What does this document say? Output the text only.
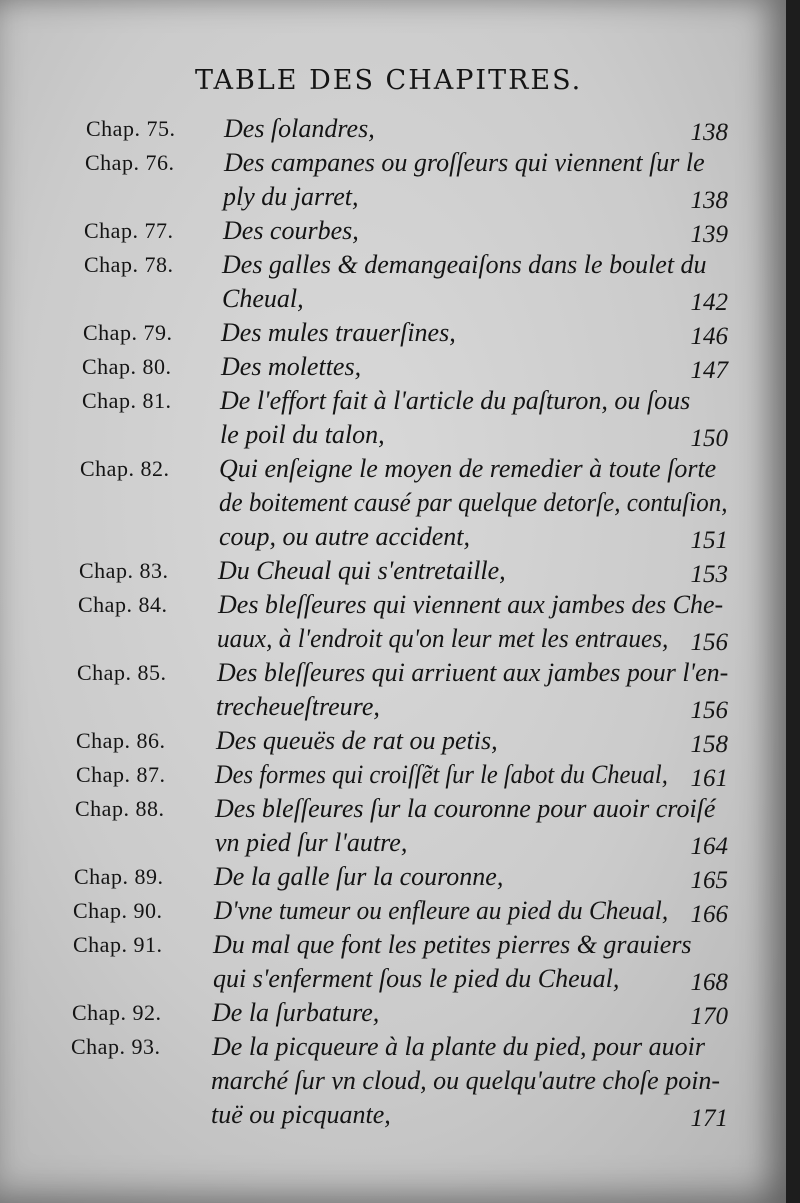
TABLE DES CHAPITRES.
Chap. 75. Des ſolandres,	138
Chap. 76. Des campanes ou groſſeurs qui viennent ſur le
ply du jarret,	138
Chap. 77. Des courbes,	139
Chap. 78. Des galles & demangeaiſons dans le boulet du
Cheual,	142
Chap. 79. Des mules trauerſines,	146
Chap. 80. Des molettes,	147
Chap. 81. De l'effort fait à l'article du paſturon, ou ſous
le poil du talon,	150
Chap. 82. Qui enſeigne le moyen de remedier à toute ſorte
de boitement causé par quelque detorſe, contuſion,
coup, ou autre accident,	151
Chap. 83. Du Cheual qui s'entretaille,	153
Chap. 84. Des bleſſeures qui viennent aux jambes des Che-
uaux, à l'endroit qu'on leur met les entraues, 156
Chap. 85. Des bleſſeures qui arriuent aux jambes pour l'en-
trecheueſtreure,	156
Chap. 86. Des queuës de rat ou petis,	158
Chap. 87. Des formes qui croiſſẽt ſur le ſabot du Cheual, 161
Chap. 88. Des bleſſeures ſur la couronne pour auoir croiſé
vn pied ſur l'autre,	164
Chap. 89. De la galle ſur la couronne,	165
Chap. 90. D'vne tumeur ou enfleure au pied du Cheual, 166
Chap. 91. Du mal que font les petites pierres & grauiers
qui s'enferment ſous le pied du Cheual,	168
Chap. 92. De la ſurbature,	170
Chap. 93. De la picqueure à la plante du pied, pour auoir
marché ſur vn cloud, ou quelqu'autre choſe poin-
tuë ou picquante,	171
